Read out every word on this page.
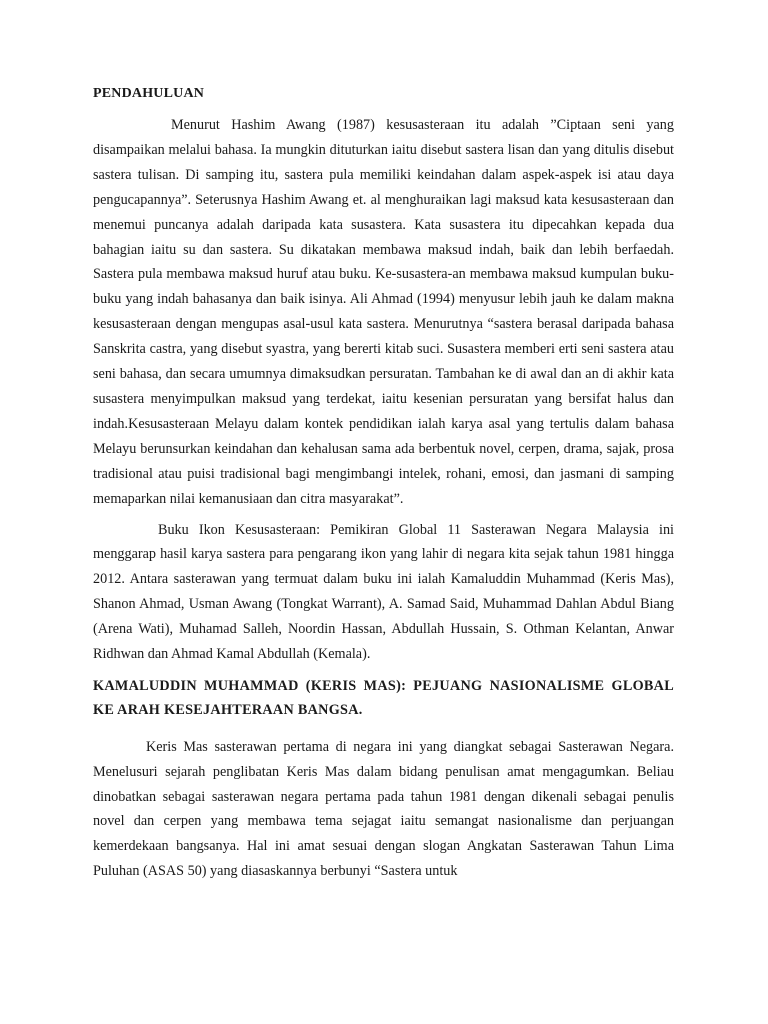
PENDAHULUAN

Menurut Hashim Awang (1987) kesusasteraan itu adalah ”Ciptaan seni yang disampaikan melalui bahasa. Ia mungkin dituturkan iaitu disebut sastera lisan dan yang ditulis disebut sastera tulisan. Di samping itu, sastera pula memiliki keindahan dalam aspek-aspek isi atau daya pengucapannya”. Seterusnya Hashim Awang et. al menghuraikan lagi maksud kata kesusasteraan dan menemui puncanya adalah daripada kata susastera. Kata susastera itu dipecahkan kepada dua bahagian iaitu su dan sastera. Su dikatakan membawa maksud indah, baik dan lebih berfaedah. Sastera pula membawa maksud huruf atau buku. Ke-susastera-an membawa maksud kumpulan buku-buku yang indah bahasanya dan baik isinya. Ali Ahmad (1994) menyusur lebih jauh ke dalam makna kesusasteraan dengan mengupas asal-usul kata sastera. Menurutnya “sastera berasal daripada bahasa Sanskrita castra, yang disebut syastra, yang bererti kitab suci. Susastera memberi erti seni sastera atau seni bahasa, dan secara umumnya dimaksudkan persuratan. Tambahan ke di awal dan an di akhir kata susastera menyimpulkan maksud yang terdekat, iaitu kesenian persuratan yang bersifat halus dan indah.Kesusasteraan Melayu dalam kontek pendidikan ialah karya asal yang tertulis dalam bahasa Melayu berunsurkan keindahan dan kehalusan sama ada berbentuk novel, cerpen, drama, sajak, prosa tradisional atau puisi tradisional bagi mengimbangi intelek, rohani, emosi, dan jasmani di samping memaparkan nilai kemanusiaan dan citra masyarakat”.

Buku Ikon Kesusasteraan: Pemikiran Global 11 Sasterawan Negara Malaysia ini menggarap hasil karya sastera para pengarang ikon yang lahir di negara kita sejak tahun 1981 hingga 2012. Antara sasterawan yang termuat dalam buku ini ialah Kamaluddin Muhammad (Keris Mas), Shanon Ahmad, Usman Awang (Tongkat Warrant), A. Samad Said, Muhammad Dahlan Abdul Biang (Arena Wati), Muhamad Salleh, Noordin Hassan, Abdullah Hussain, S. Othman Kelantan, Anwar Ridhwan dan Ahmad Kamal Abdullah (Kemala).

KAMALUDDIN MUHAMMAD (KERIS MAS): PEJUANG NASIONALISME GLOBAL KE ARAH KESEJAHTERAAN BANGSA.

Keris Mas sasterawan pertama di negara ini yang diangkat sebagai Sasterawan Negara. Menelusuri sejarah penglibatan Keris Mas dalam bidang penulisan amat mengagumkan. Beliau dinobatkan sebagai sasterawan negara pertama pada tahun 1981 dengan dikenali sebagai penulis novel dan cerpen yang membawa tema sejagat iaitu semangat nasionalisme dan perjuangan kemerdekaan bangsanya. Hal ini amat sesuai dengan slogan Angkatan Sasterawan Tahun Lima Puluhan (ASAS 50) yang diasaskannya berbunyi “Sastera untuk
